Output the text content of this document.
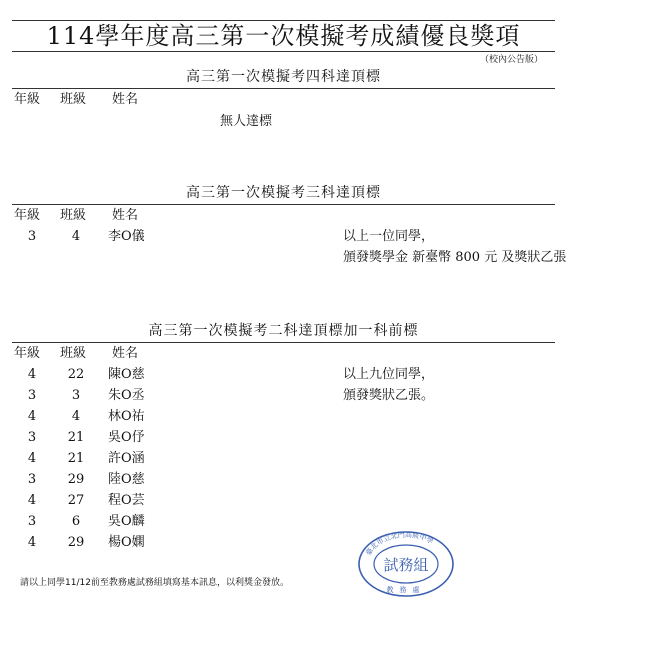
114學年度高三第一次模擬考成績優良獎項
（校內公告版）
高三第一次模擬考四科達頂標
年級 班級 姓名
無人達標
高三第一次模擬考三科達頂標
年級 班級 姓名
3	4	李O儀	以上一位同學，
頒發獎學金 新臺幣 800 元 及獎狀乙張
高三第一次模擬考二科達頂標加一科前標
年級 班級 姓名
4	22	陳O慈
3	3	朱O丞
4	4	林O祐
3	21	吳O伃
4	21	許O涵
3	29	陸O慈
4	27	程O芸
3	6	吳O麟
4	29	楊O嫻
以上九位同學，
頒發獎狀乙張。
請以上同學11/12前至教務處試務組填寫基本訊息，以利獎金發放。
臺北市立北門高級中學
試務組
教務處
